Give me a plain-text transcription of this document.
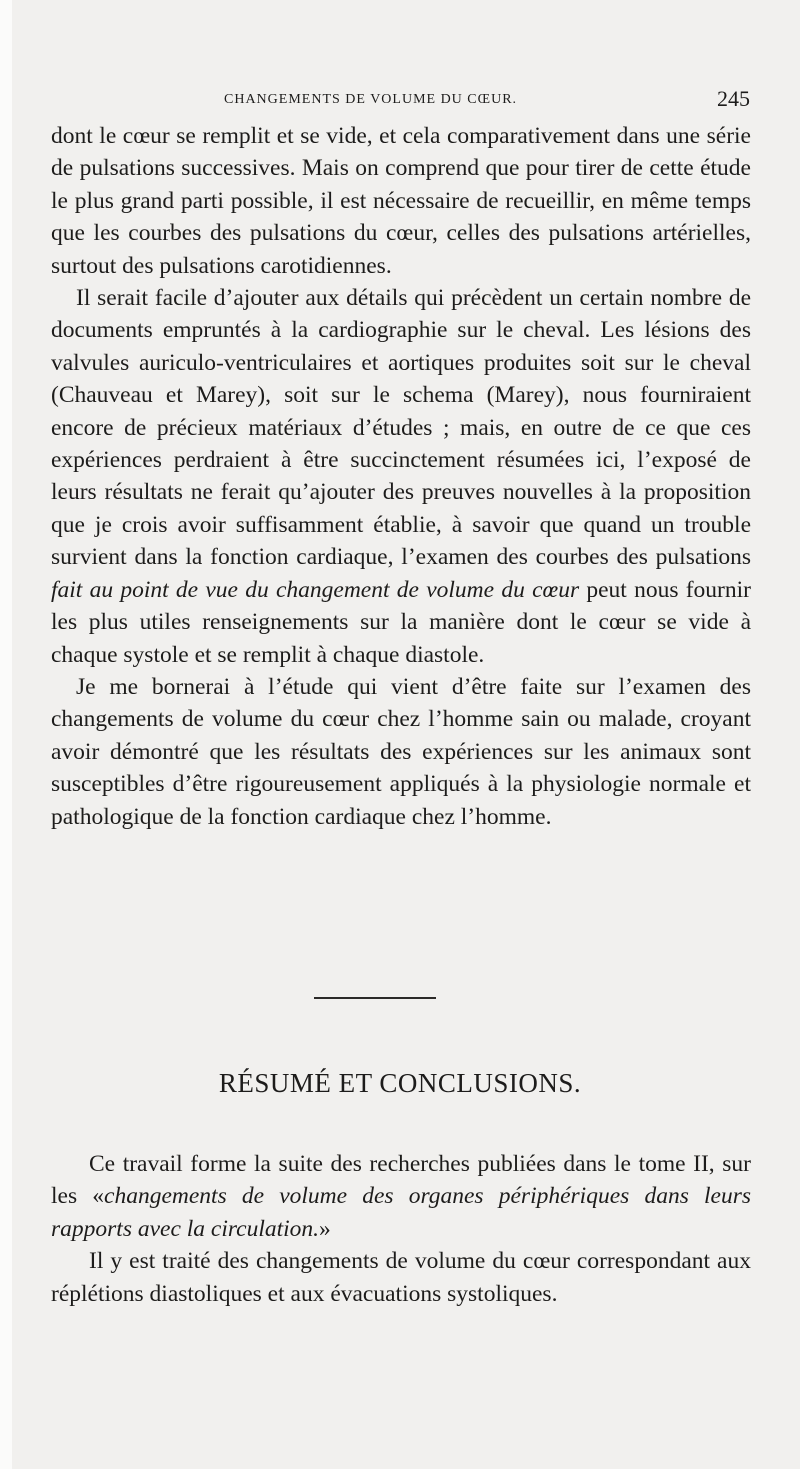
CHANGEMENTS DE VOLUME DU CŒUR.	245

dont le cœur se remplit et se vide, et cela comparativement dans une série de pulsations successives. Mais on comprend que pour tirer de cette étude le plus grand parti possible, il est nécessaire de recueillir, en même temps que les courbes des pulsations du cœur, celles des pulsations artérielles, surtout des pulsations carotidiennes.

Il serait facile d’ajouter aux détails qui précèdent un certain nombre de documents empruntés à la cardiographie sur le cheval. Les lésions des valvules auriculo-ventriculaires et aortiques produites soit sur le cheval (Chauveau et Marey), soit sur le schema (Marey), nous fourniraient encore de précieux matériaux d’études ; mais, en outre de ce que ces expériences perdraient à être succinctement résumées ici, l’exposé de leurs résultats ne ferait qu’ajouter des preuves nouvelles à la proposition que je crois avoir suffisamment établie, à savoir que quand un trouble survient dans la fonction cardiaque, l’examen des courbes des pulsations fait au point de vue du changement de volume du cœur peut nous fournir les plus utiles renseignements sur la manière dont le cœur se vide à chaque systole et se remplit à chaque diastole.

Je me bornerai à l’étude qui vient d’être faite sur l’examen des changements de volume du cœur chez l’homme sain ou malade, croyant avoir démontré que les résultats des expériences sur les animaux sont susceptibles d’être rigoureusement appliqués à la physiologie normale et pathologique de la fonction cardiaque chez l’homme.

RÉSUMÉ ET CONCLUSIONS.

Ce travail forme la suite des recherches publiées dans le tome II, sur les «changements de volume des organes périphériques dans leurs rapports avec la circulation.»

Il y est traité des changements de volume du cœur correspondant aux réplétions diastoliques et aux évacuations systoliques.
